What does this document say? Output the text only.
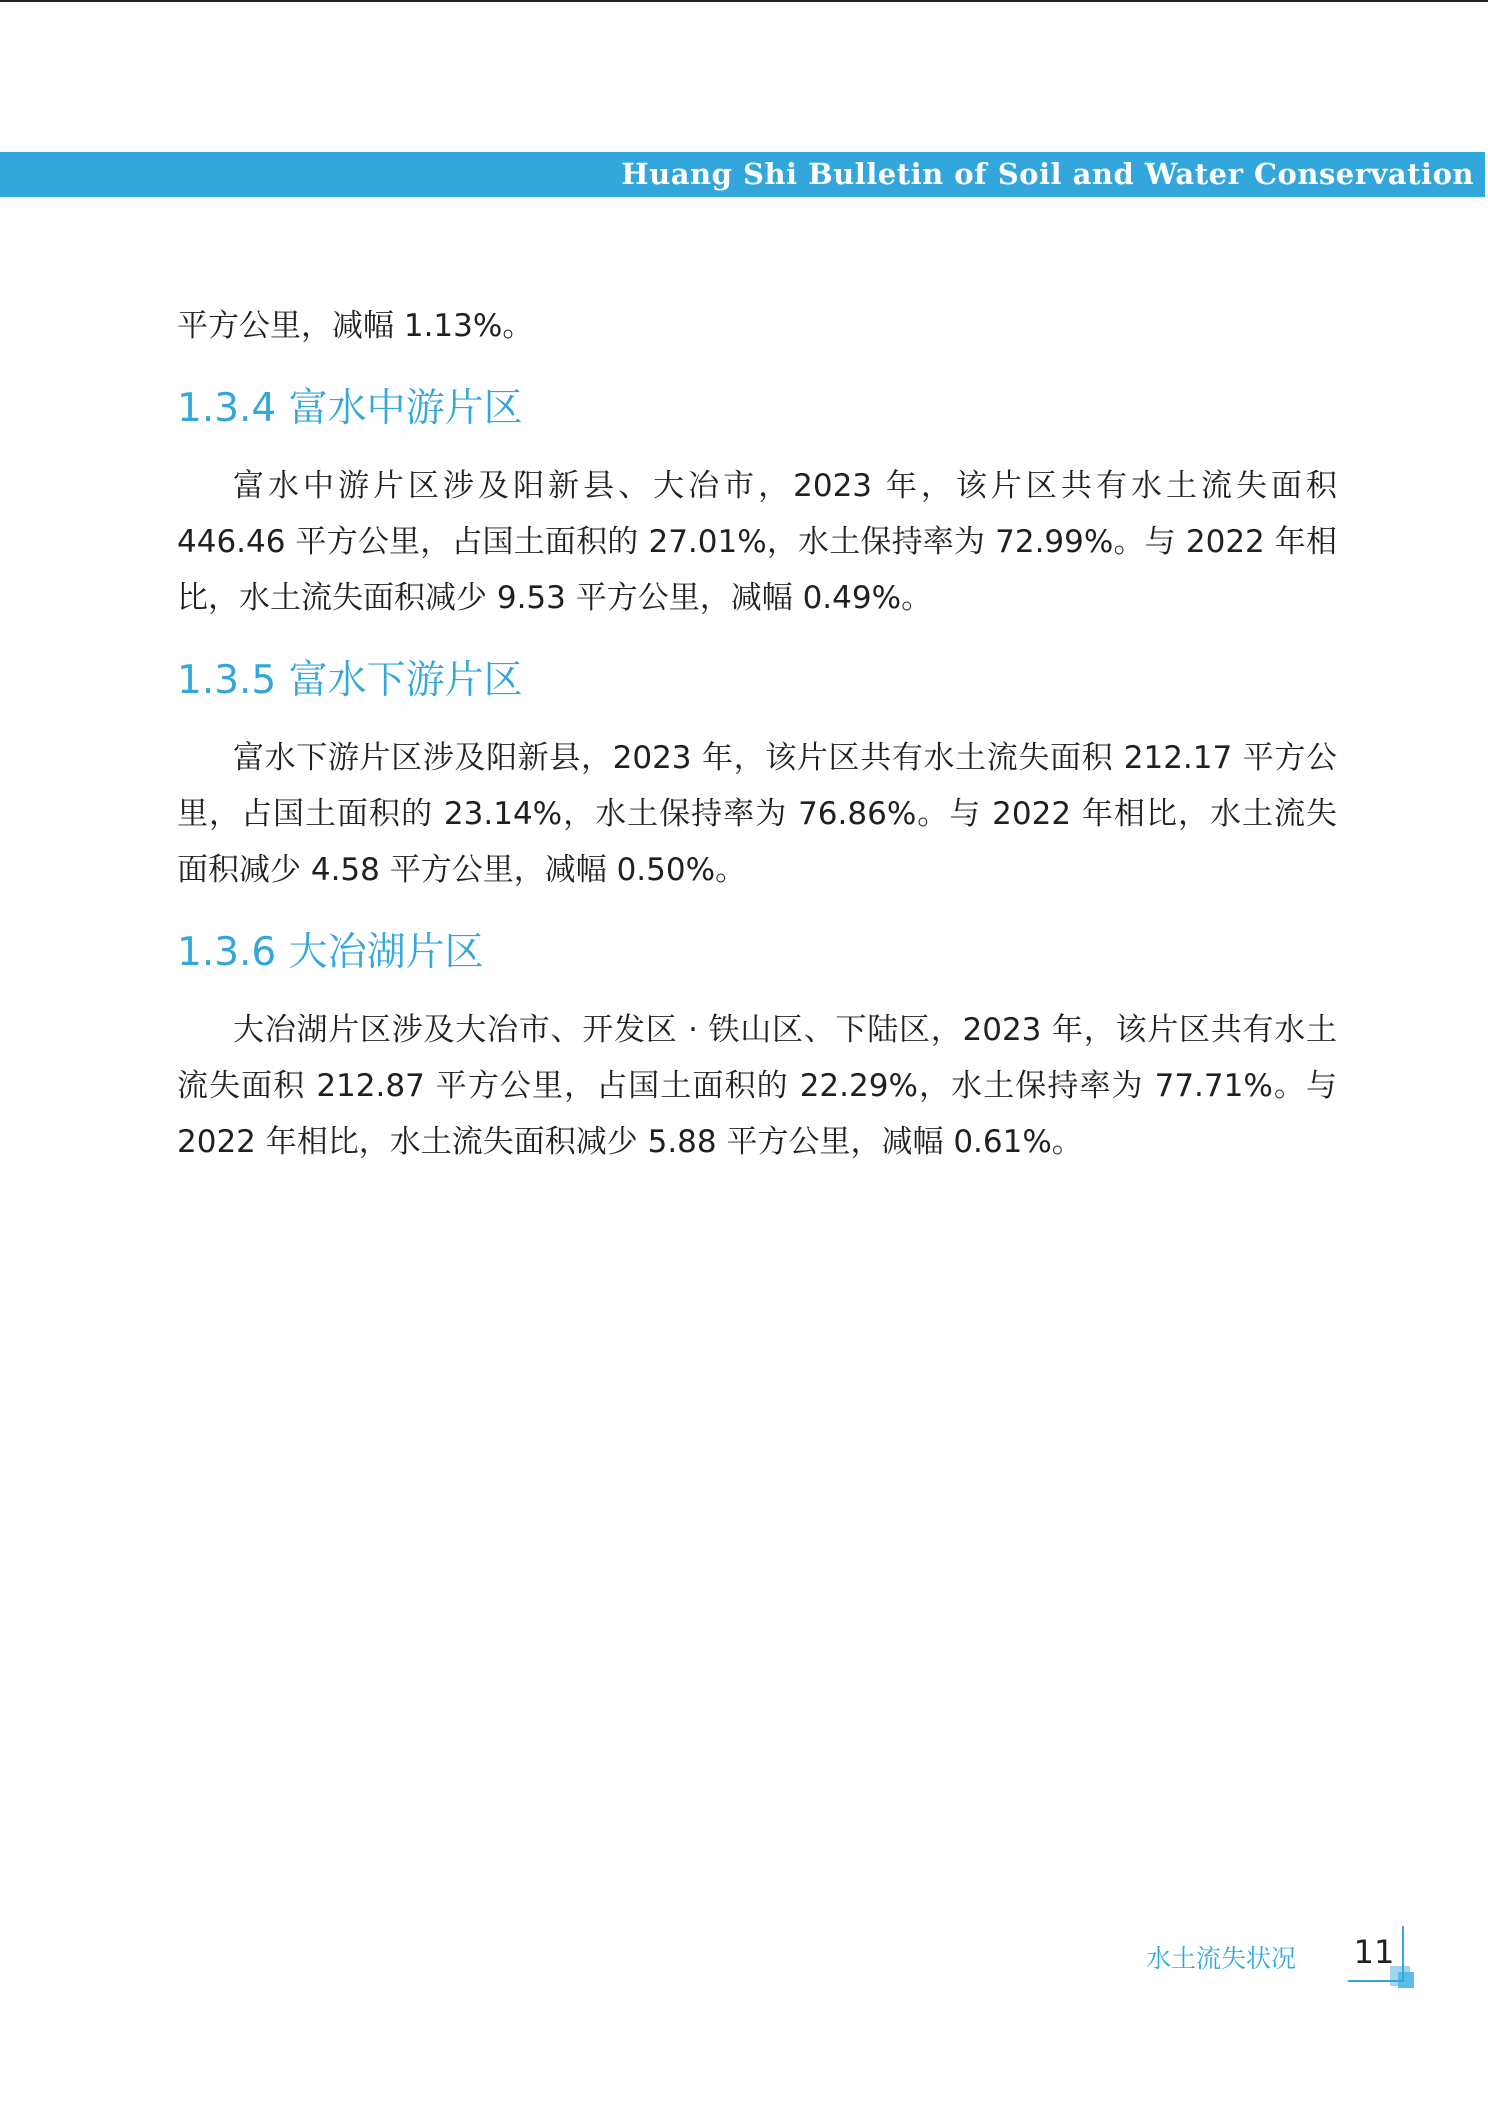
Huang Shi Bulletin of Soil and Water Conservation

平方公里，减幅 1.13%。

1.3.4 富水中游片区

富水中游片区涉及阳新县、大冶市，2023 年，该片区共有水土流失面积 446.46 平方公里，占国土面积的 27.01%，水土保持率为 72.99%。与 2022 年相比，水土流失面积减少 9.53 平方公里，减幅 0.49%。

1.3.5 富水下游片区

富水下游片区涉及阳新县，2023 年，该片区共有水土流失面积 212.17 平方公里，占国土面积的 23.14%，水土保持率为 76.86%。与 2022 年相比，水土流失面积减少 4.58 平方公里，减幅 0.50%。

1.3.6 大冶湖片区

大冶湖片区涉及大冶市、开发区 · 铁山区、下陆区，2023 年，该片区共有水土流失面积 212.87 平方公里，占国土面积的 22.29%，水土保持率为 77.71%。与 2022 年相比，水土流失面积减少 5.88 平方公里，减幅 0.61%。

水土流失状况 11
